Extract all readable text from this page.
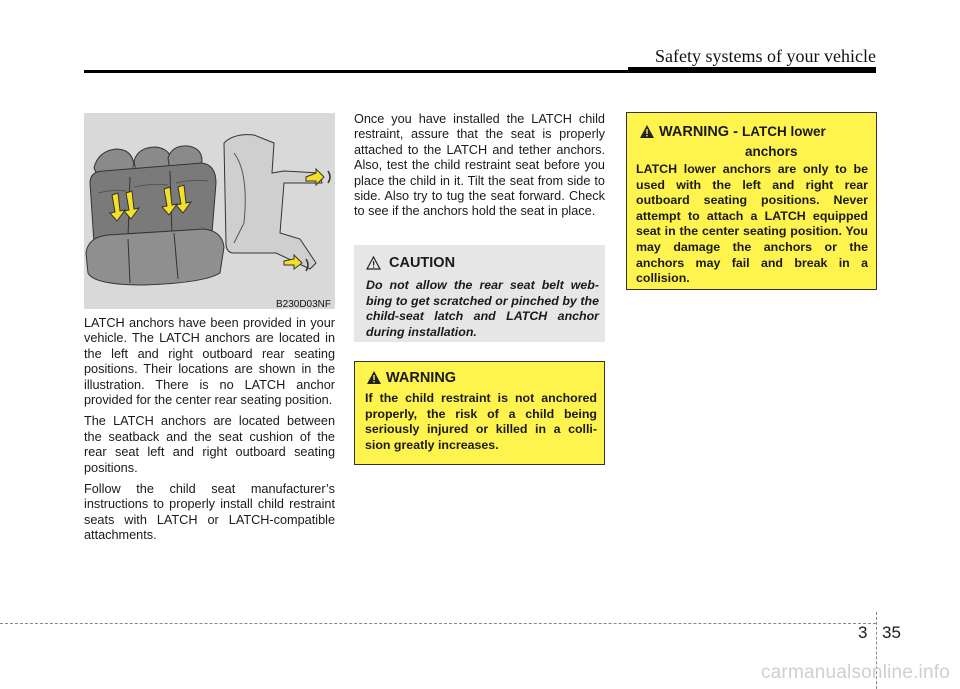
Safety systems of your vehicle
B230D03NF

LATCH anchors have been provided in your vehicle. The LATCH anchors are located in the left and right outboard rear seating positions. Their locations are shown in the illustration. There is no LATCH anchor provided for the center rear seating position.

The LATCH anchors are located between the seatback and the seat cushion of the rear seat left and right outboard seating positions.

Follow the child seat manufacturer’s instructions to properly install child restraint seats with LATCH or LATCH-compatible attachments.

Once you have installed the LATCH child restraint, assure that the seat is properly attached to the LATCH and tether anchors. Also, test the child restraint seat before you place the child in it. Tilt the seat from side to side. Also try to tug the seat forward. Check to see if the anchors hold the seat in place.

CAUTION
Do not allow the rear seat belt web-bing to get scratched or pinched by the child-seat latch and LATCH anchor during installation.
WARNING
If the child restraint is not anchored properly, the risk of a child being seriously injured or killed in a colli-sion greatly increases.
WARNING - LATCH lower
anchors
LATCH lower anchors are only to be used with the left and right rear outboard seating positions. Never attempt to attach a LATCH equipped seat in the center seating position. You may damage the anchors or the anchors may fail and break in a collision.
3 35
carmanualsonline.info
